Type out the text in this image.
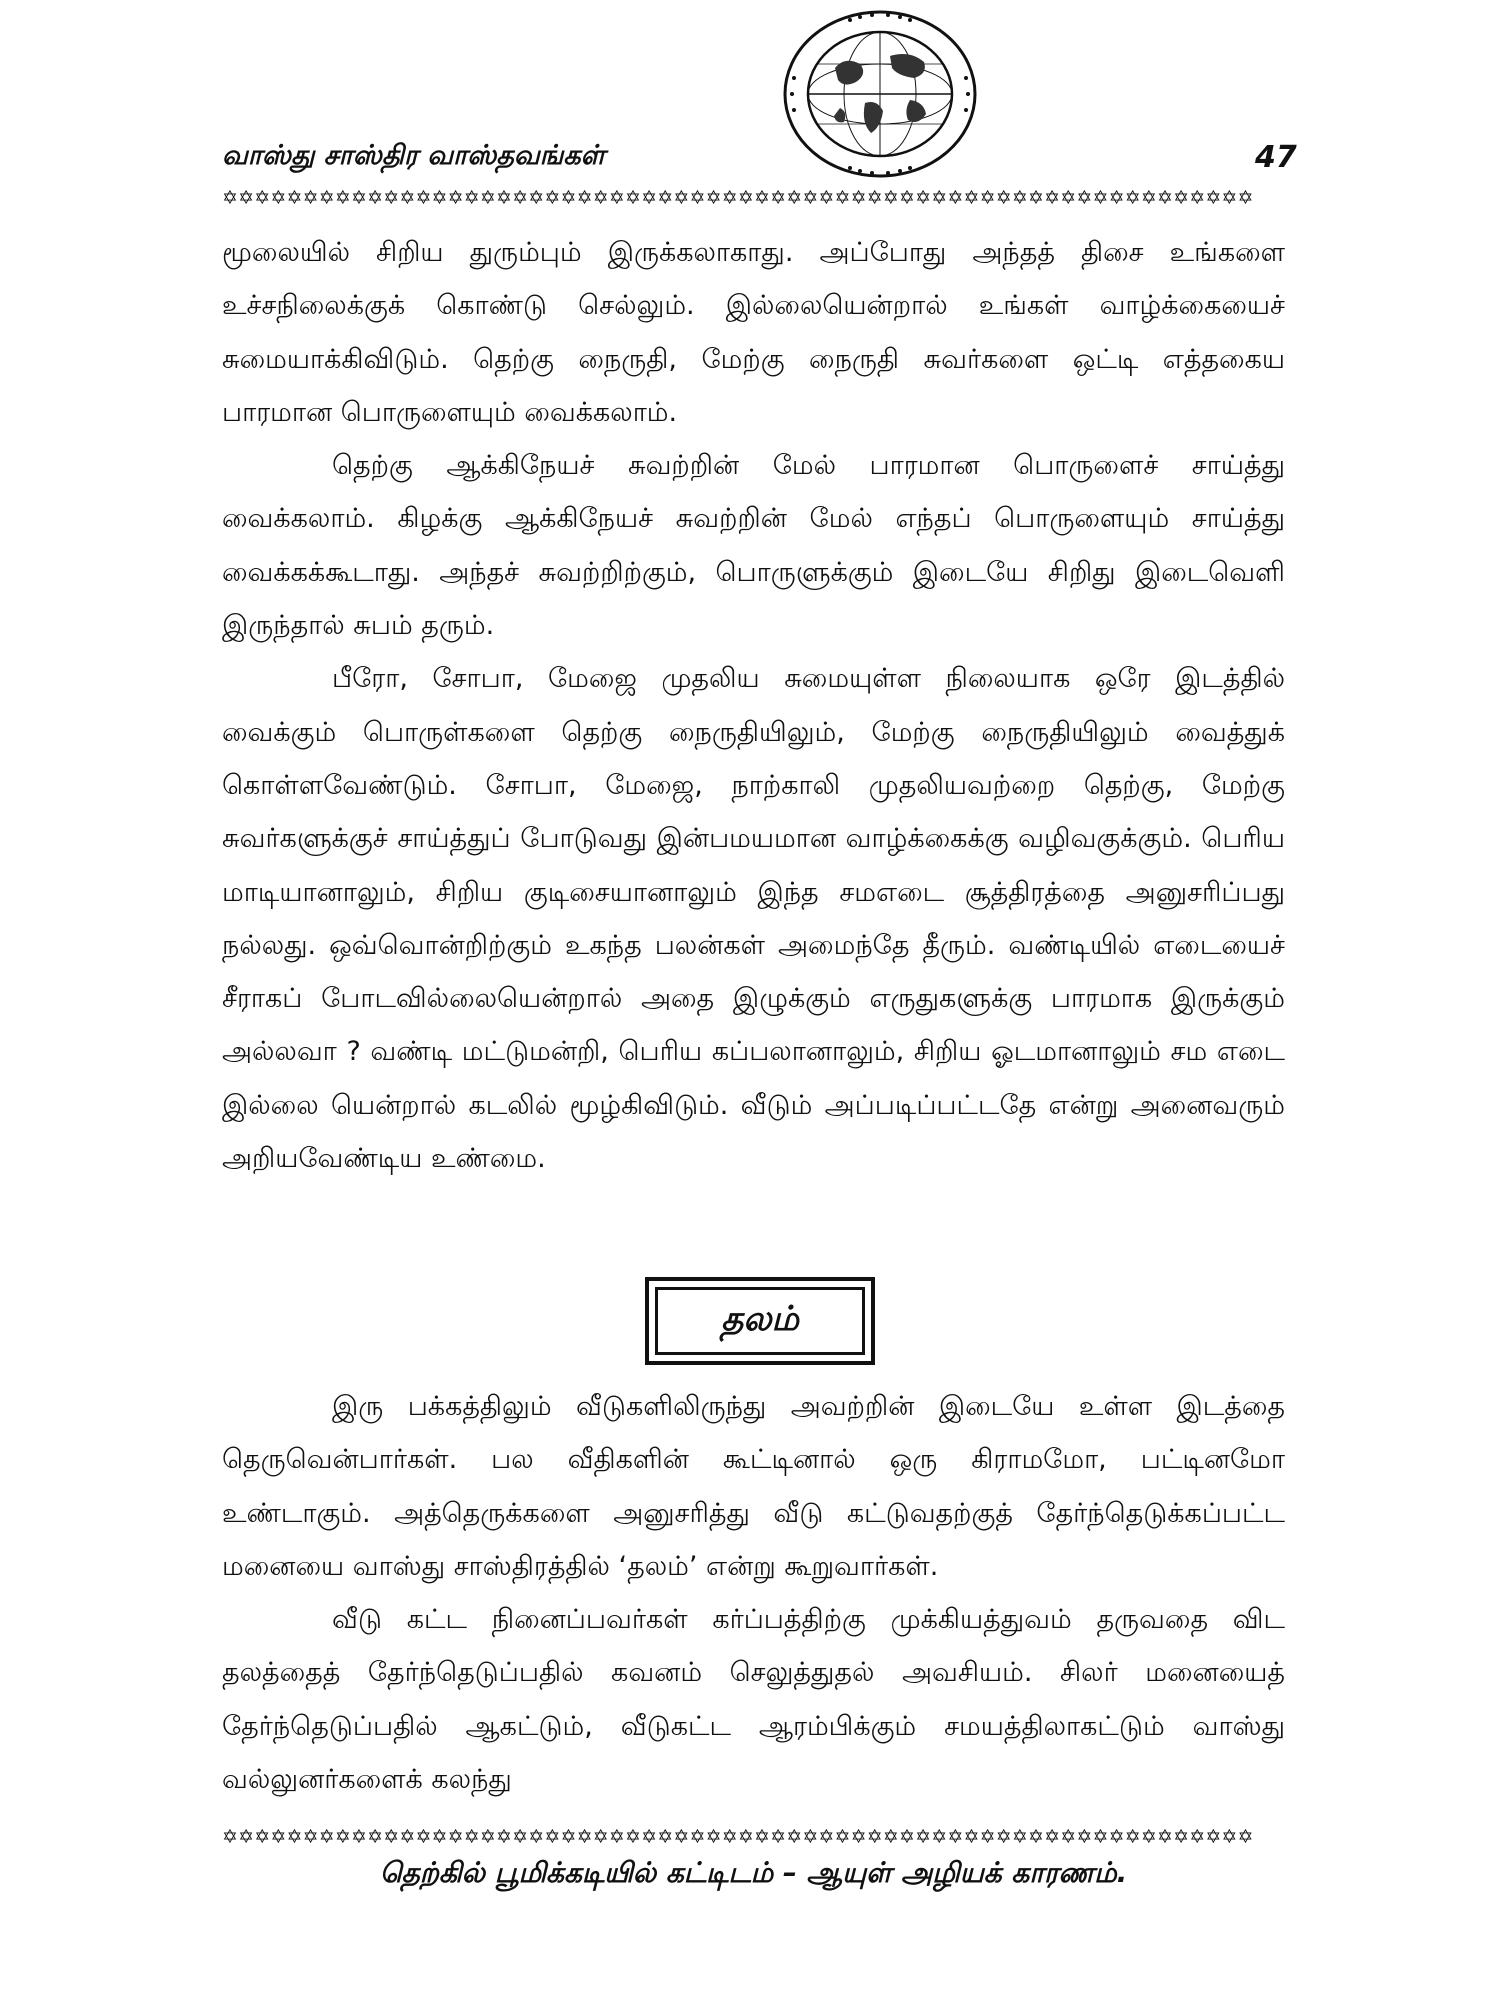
வாஸ்து சாஸ்திர வாஸ்தவங்கள்	47
✡✡✡✡✡✡✡✡✡✡✡✡✡✡✡✡✡✡✡✡✡✡✡✡✡✡✡✡✡✡✡✡✡✡✡✡✡✡✡✡✡✡✡✡✡✡✡✡✡✡✡✡✡✡✡✡✡✡✡✡✡✡✡✡

மூலையில் சிறிய துரும்பும் இருக்கலாகாது. அப்போது அந்தத் திசை உங்களை உச்சநிலைக்குக் கொண்டு செல்லும். இல்லையென்றால் உங்கள் வாழ்க்கையைச் சுமையாக்கிவிடும். தெற்கு நைருதி, மேற்கு நைருதி சுவர்களை ஒட்டி எத்தகைய பாரமான பொருளையும் வைக்கலாம்.

தெற்கு ஆக்கிநேயச் சுவற்றின் மேல் பாரமான பொருளைச் சாய்த்து வைக்கலாம். கிழக்கு ஆக்கிநேயச் சுவற்றின் மேல் எந்தப் பொருளையும் சாய்த்து வைக்கக்கூடாது. அந்தச் சுவற்றிற்கும், பொருளுக்கும் இடையே சிறிது இடைவெளி இருந்தால் சுபம் தரும்.

பீரோ, சோபா, மேஜை முதலிய சுமையுள்ள நிலையாக ஒரே இடத்தில் வைக்கும் பொருள்களை தெற்கு நைருதியிலும், மேற்கு நைருதியிலும் வைத்துக் கொள்ளவேண்டும். சோபா, மேஜை, நாற்காலி முதலியவற்றை தெற்கு, மேற்கு சுவர்களுக்குச் சாய்த்துப் போடுவது இன்பமயமான வாழ்க்கைக்கு வழிவகுக்கும். பெரிய மாடியானாலும், சிறிய குடிசையானாலும் இந்த சமஎடை சூத்திரத்தை அனுசரிப்பது நல்லது. ஒவ்வொன்றிற்கும் உகந்த பலன்கள் அமைந்தே தீரும். வண்டியில் எடையைச் சீராகப் போடவில்லையென்றால் அதை இழுக்கும் எருதுகளுக்கு பாரமாக இருக்கும் அல்லவா ? வண்டி மட்டுமன்றி, பெரிய கப்பலானாலும், சிறிய ஓடமானாலும் சம எடை இல்லை யென்றால் கடலில் மூழ்கிவிடும். வீடும் அப்படிப்பட்டதே என்று அனைவரும் அறியவேண்டிய உண்மை.

தலம்

இரு பக்கத்திலும் வீடுகளிலிருந்து அவற்றின் இடையே உள்ள இடத்தை தெருவென்பார்கள். பல வீதிகளின் கூட்டினால் ஒரு கிராமமோ, பட்டினமோ உண்டாகும். அத்தெருக்களை அனுசரித்து வீடு கட்டுவதற்குத் தேர்ந்தெடுக்கப்பட்ட மனையை வாஸ்து சாஸ்திரத்தில் ‘தலம்’ என்று கூறுவார்கள்.

வீடு கட்ட நினைப்பவர்கள் கர்ப்பத்திற்கு முக்கியத்துவம் தருவதை விட தலத்தைத் தேர்ந்தெடுப்பதில் கவனம் செலுத்துதல் அவசியம். சிலர் மனையைத் தேர்ந்தெடுப்பதில் ஆகட்டும், வீடுகட்ட ஆரம்பிக்கும் சமயத்திலாகட்டும் வாஸ்து வல்லுனர்களைக் கலந்து

✡✡✡✡✡✡✡✡✡✡✡✡✡✡✡✡✡✡✡✡✡✡✡✡✡✡✡✡✡✡✡✡✡✡✡✡✡✡✡✡✡✡✡✡✡✡✡✡✡✡✡✡✡✡✡✡✡✡✡✡✡✡✡✡
தெற்கில் பூமிக்கடியில் கட்டிடம் – ஆயுள் அழியக் காரணம்.
